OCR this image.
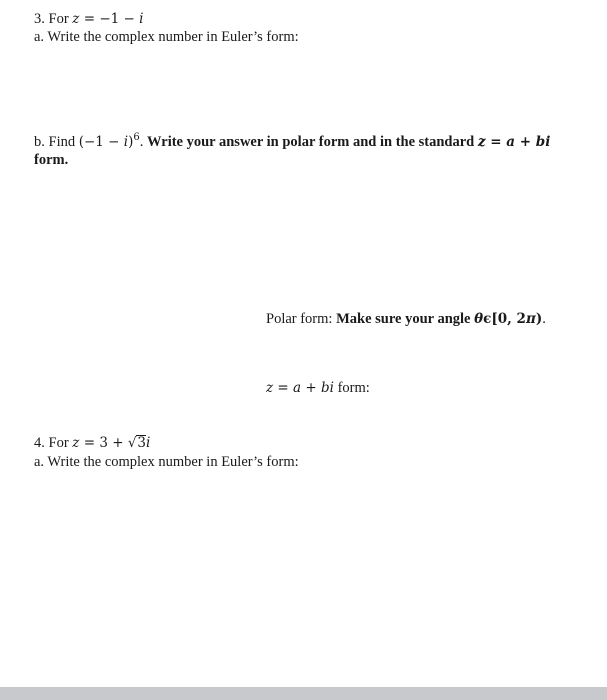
3. For z = −1 − i
a. Write the complex number in Euler’s form:
b. Find $(-1 - i)^6$. Write your answer in polar form and in the standard z = a + bi
form.
Polar form: Make sure your angle θϵ[0, 2π).
z = a + bi form:
4. For z = 3 + √3i
a. Write the complex number in Euler’s form:
